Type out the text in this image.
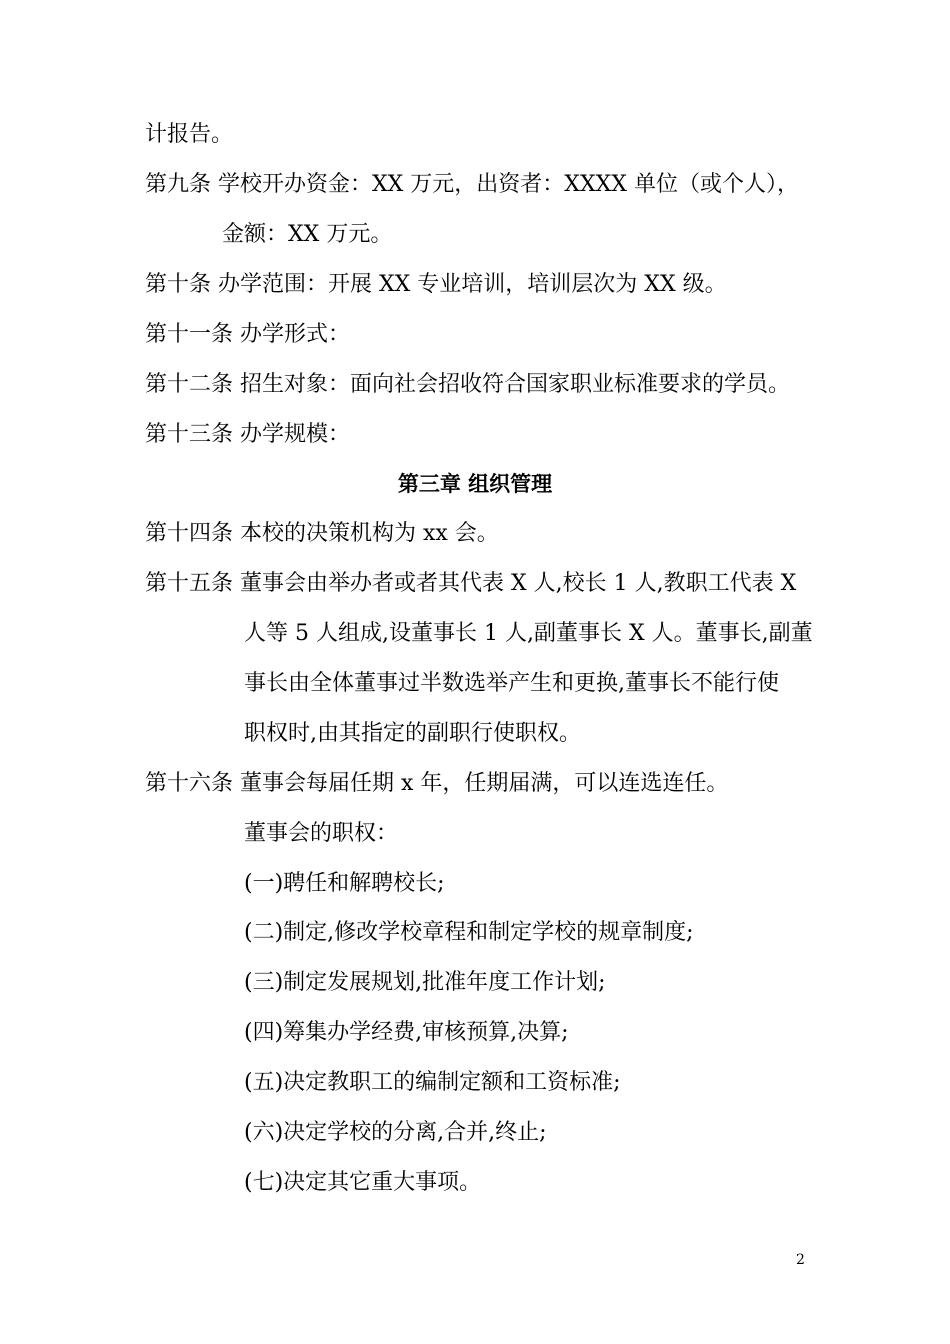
计报告。
第九条 学校开办资金：XX 万元，出资者：XXXX 单位（或个人），
金额：XX 万元。
第十条 办学范围：开展 XX 专业培训，培训层次为 XX 级。
第十一条 办学形式：
第十二条 招生对象：面向社会招收符合国家职业标准要求的学员。
第十三条 办学规模：
第三章 组织管理
第十四条 本校的决策机构为 xx 会。
第十五条 董事会由举办者或者其代表 X 人,校长 1 人,教职工代表 X
人等 5 人组成,设董事长 1 人,副董事长 X 人。董事长,副董
事长由全体董事过半数选举产生和更换,董事长不能行使
职权时,由其指定的副职行使职权。
第十六条 董事会每届任期 x 年，任期届满，可以连选连任。
董事会的职权：
(一)聘任和解聘校长;
(二)制定,修改学校章程和制定学校的规章制度;
(三)制定发展规划,批准年度工作计划;
(四)筹集办学经费,审核预算,决算;
(五)决定教职工的编制定额和工资标准;
(六)决定学校的分离,合并,终止;
(七)决定其它重大事项。
2
